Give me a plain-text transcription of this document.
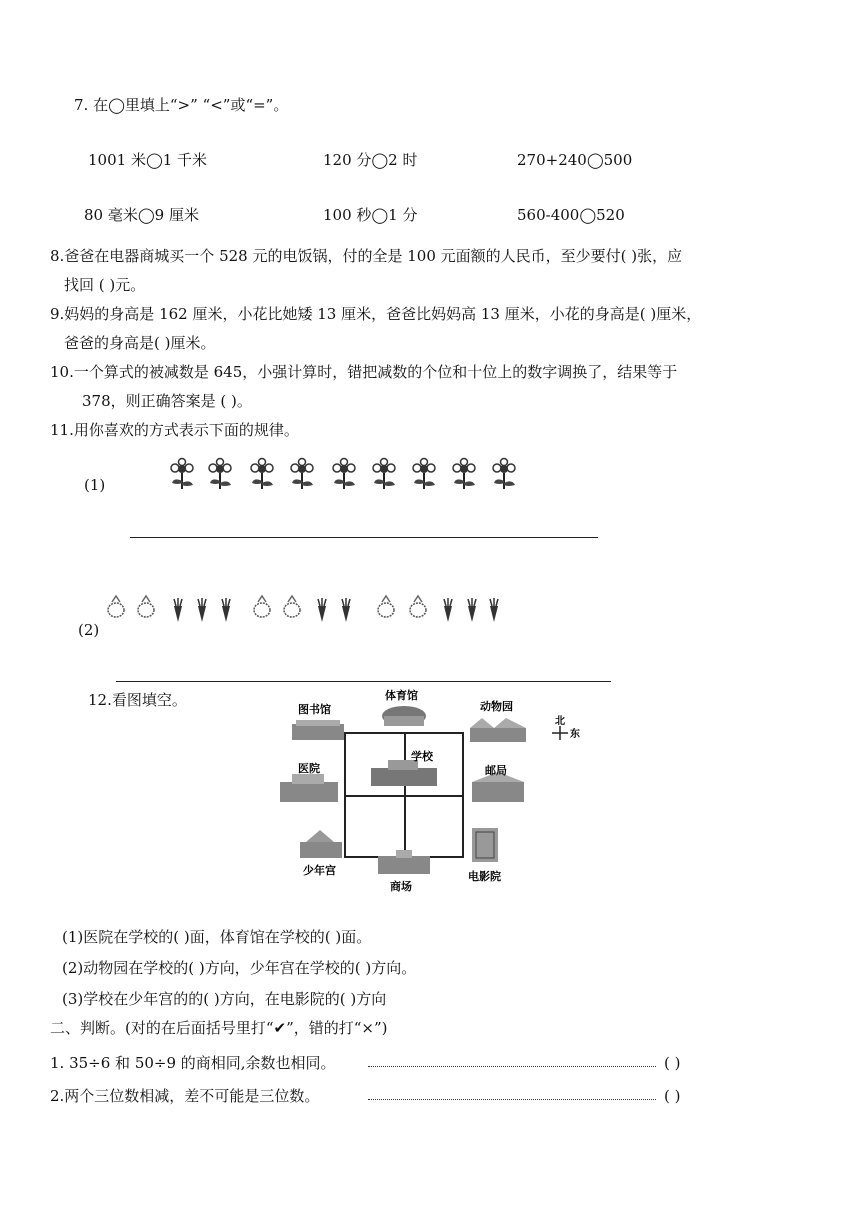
7. 在◯里填上“>” “<”或“=”。
1001 米◯1 千米	120 分◯2 时	270+240◯500
80 毫米◯9 厘米	100 秒◯1 分	560-400◯520
8.爸爸在电器商城买一个 528 元的电饭锅，付的全是 100 元面额的人民币，至少要付( )张，应
找回 ( )元。
9.妈妈的身高是 162 厘米，小花比她矮 13 厘米，爸爸比妈妈高 13 厘米，小花的身高是( )厘米，
爸爸的身高是( )厘米。
10.一个算式的被减数是 645，小强计算时，错把减数的个位和十位上的数字调换了，结果等于
378，则正确答案是 ( )。
11.用你喜欢的方式表示下面的规律。
(1)
(2)
12.看图填空。
图书馆
体育馆
动物园
学校
医院	邮局
少年宫
商场
电影院
北
东
(1)医院在学校的( )面，体育馆在学校的( )面。
(2)动物园在学校的( )方向，少年宫在学校的( )方向。
(3)学校在少年宫的的( )方向，在电影院的( )方向
二、判断。(对的在后面括号里打“✔”，错的打“×”)
1. 35÷6 和 50÷9 的商相同,余数也相同。	( )
2.两个三位数相减，差不可能是三位数。	( )
